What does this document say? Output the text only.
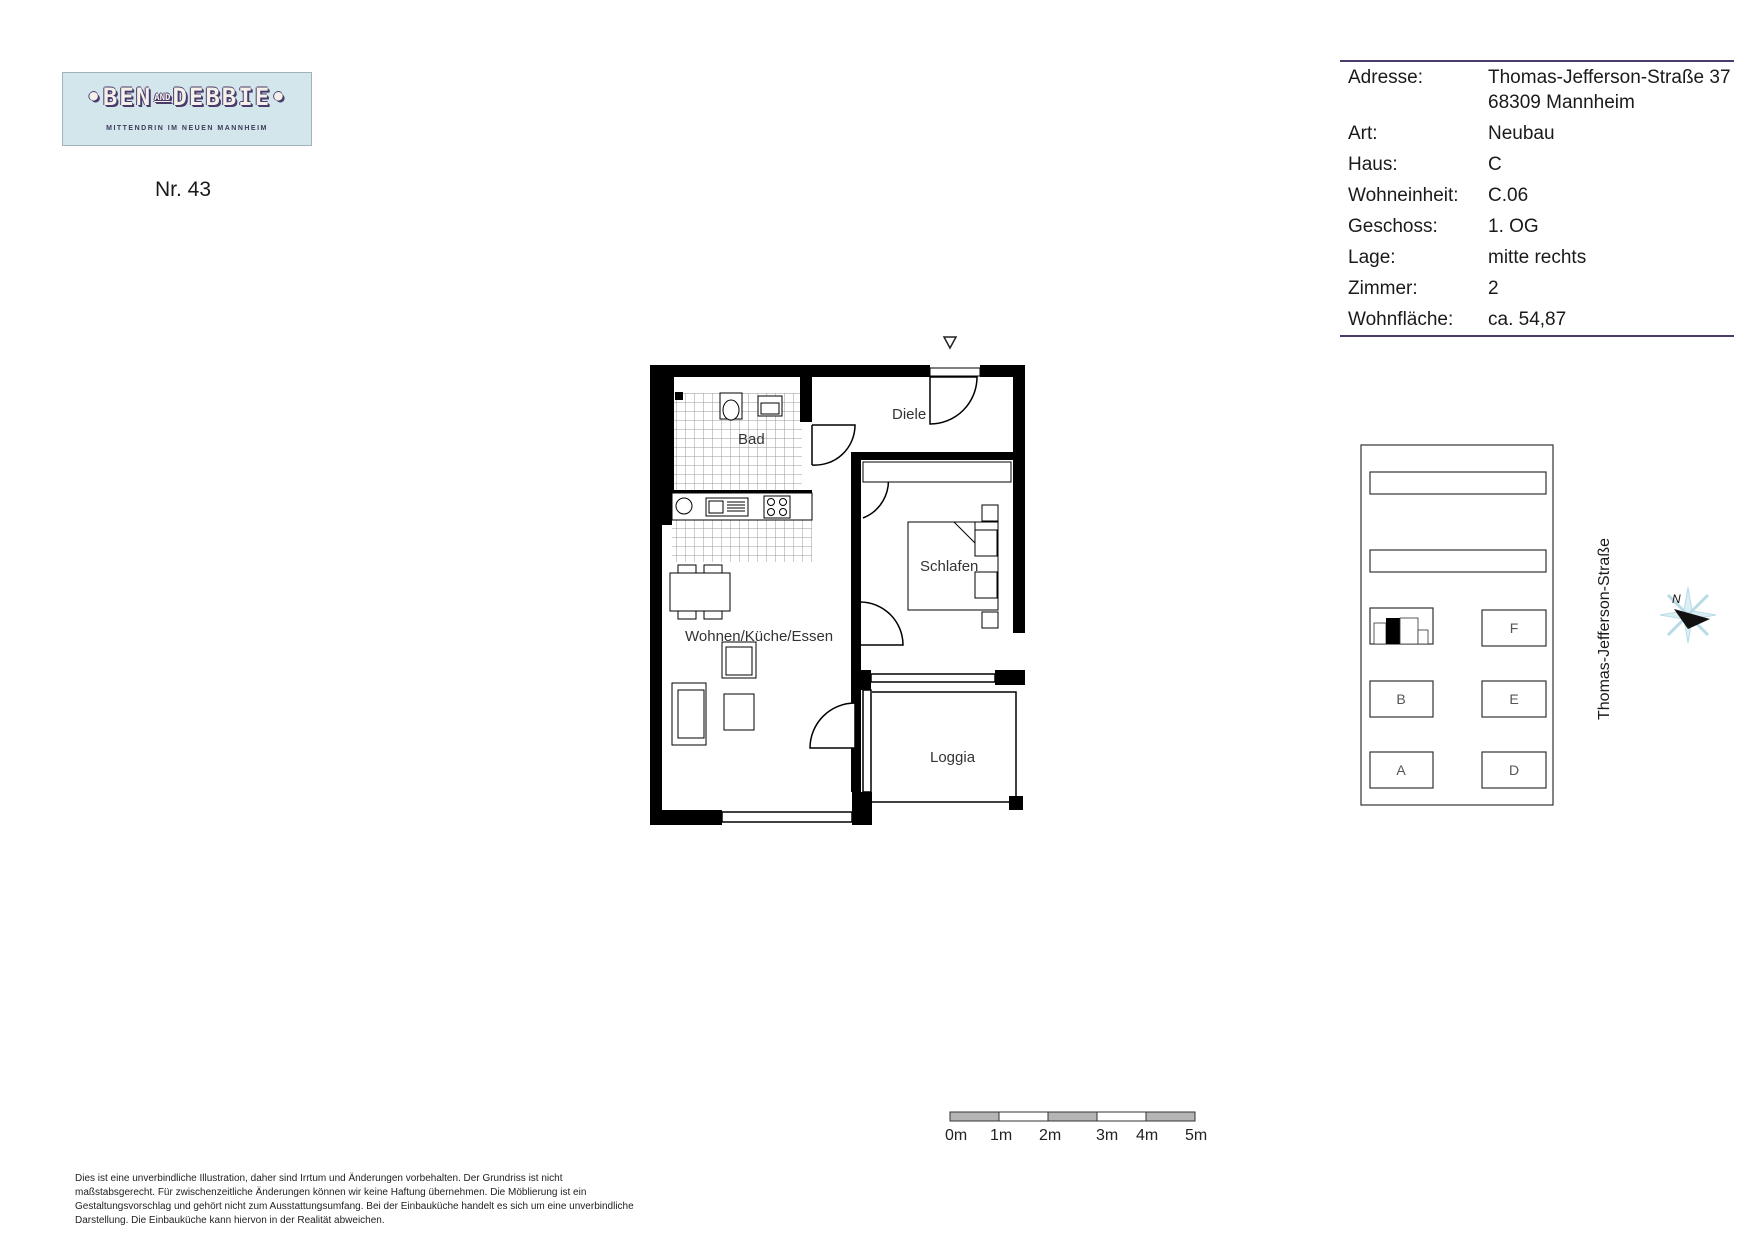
•BEN ANDDEBBIE•
MITTENDRIN IM NEUEN MANNHEIM
Nr. 43
Adresse:	Thomas-Jefferson-Straße 37
68309 Mannheim
Art:	Neubau
Haus:	C
Wohneinheit:	C.06
Geschoss:	1. OG
Lage:	mitte rechts
Zimmer:	2
Wohnfläche:	ca. 54,87
Diele
Bad
Schlafen
Wohnen/Küche/Essen
Loggia
F
B	E
A	D
Thomas-Jefferson-Straße	N
0m 1m 2m 3m 4m 5m
Dies ist eine unverbindliche Illustration, daher sind Irrtum und Änderungen vorbehalten. Der Grundriss ist nicht maßstabsgerecht. Für zwischenzeitliche Änderungen können wir keine Haftung übernehmen. Die Möblierung ist ein Gestaltungsvorschlag und gehört nicht zum Ausstattungsumfang. Bei der Einbauküche handelt es sich um eine unverbindliche Darstellung. Die Einbauküche kann hiervon in der Realität abweichen.
